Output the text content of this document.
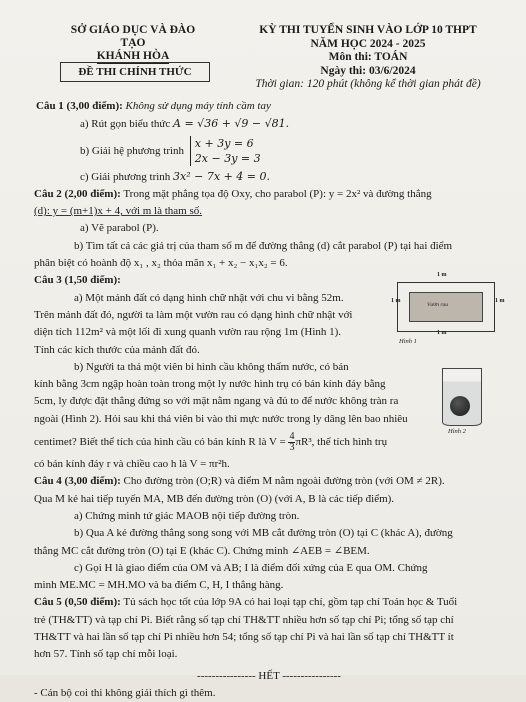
SỞ GIÁO DỤC VÀ ĐÀO TẠO
KHÁNH HÒA
ĐỀ THI CHÍNH THỨC
KỲ THI TUYỂN SINH VÀO LỚP 10 THPT
NĂM HỌC 2024 - 2025
Môn thi: TOÁN
Ngày thi: 03/6/2024
Thời gian: 120 phút (không kể thời gian phát đề)
Câu 1 (3,00 điểm): Không sử dụng máy tính cầm tay
a) Rút gọn biểu thức A = √36 + √9 − √81.
b) Giải hệ phương trình
x + 3y = 6
2x − 3y = 3
c) Giải phương trình 3x² − 7x + 4 = 0.
Câu 2 (2,00 điểm): Trong mặt phẳng tọa độ Oxy, cho parabol (P): y = 2x² và đường thẳng
(d): y = (m+1)x + 4, với m là tham số.
a) Vẽ parabol (P).
b) Tìm tất cả các giá trị của tham số m để đường thẳng (d) cắt parabol (P) tại hai điểm
phân biệt có hoành độ x₁ , x₂ thỏa mãn x₁ + x₂ − x₁x₂ = 6.
Câu 3 (1,50 điểm):
a) Một mảnh đất có dạng hình chữ nhật với chu vi bằng 52m.
Trên mảnh đất đó, người ta làm một vườn rau có dạng hình chữ nhật với
diện tích 112m² và một lối đi xung quanh vườn rau rộng 1m (Hình 1).
Tính các kích thước của mảnh đất đó.
b) Người ta thả một viên bi hình cầu không thấm nước, có bán
kính bằng 3cm ngập hoàn toàn trong một ly nước hình trụ có bán kính đáy bằng
5cm, ly được đặt thẳng đứng so với mặt nằm ngang và đủ to để nước không tràn ra
ngoài (Hình 2). Hỏi sau khi thả viên bi vào thì mực nước trong ly dâng lên bao nhiêu
centimet? Biết thể tích của hình cầu có bán kính R là $V = \frac{4}{3} \pi R^3$, thể tích hình trụ
có bán kính đáy r và chiều cao h là V = πr²h.
Câu 4 (3,00 điểm): Cho đường tròn (O;R) và điểm M nằm ngoài đường tròn (với OM ≠ 2R).
Qua M kẻ hai tiếp tuyến MA, MB đến đường tròn (O) (với A, B là các tiếp điểm).
a) Chứng minh tứ giác MAOB nội tiếp đường tròn.
b) Qua A kẻ đường thẳng song song với MB cắt đường tròn (O) tại C (khác A), đường
thẳng MC cắt đường tròn (O) tại E (khác C). Chứng minh ∠AEB = ∠BEM.
c) Gọi H là giao điểm của OM và AB; I là điểm đối xứng của E qua OM. Chứng
minh ME.MC = MH.MO và ba điểm C, H, I thẳng hàng.
Câu 5 (0,50 điểm): Tủ sách học tốt của lớp 9A có hai loại tạp chí, gồm tạp chí Toán học & Tuổi
trẻ (TH&TT) và tạp chí Pi. Biết rằng số tạp chí TH&TT nhiều hơn số tạp chí Pi; tổng số tạp chí
TH&TT và hai lần số tạp chí Pi nhiều hơn 54; tổng số tạp chí Pi và hai lần số tạp chí TH&TT ít
hơn 57. Tính số tạp chí mỗi loại.
---------------- HẾT ----------------
- Cán bộ coi thi không giải thích gì thêm.
1 m
1 m	1 m
1 m
Vườn rau
Hình 1
Hình 2
